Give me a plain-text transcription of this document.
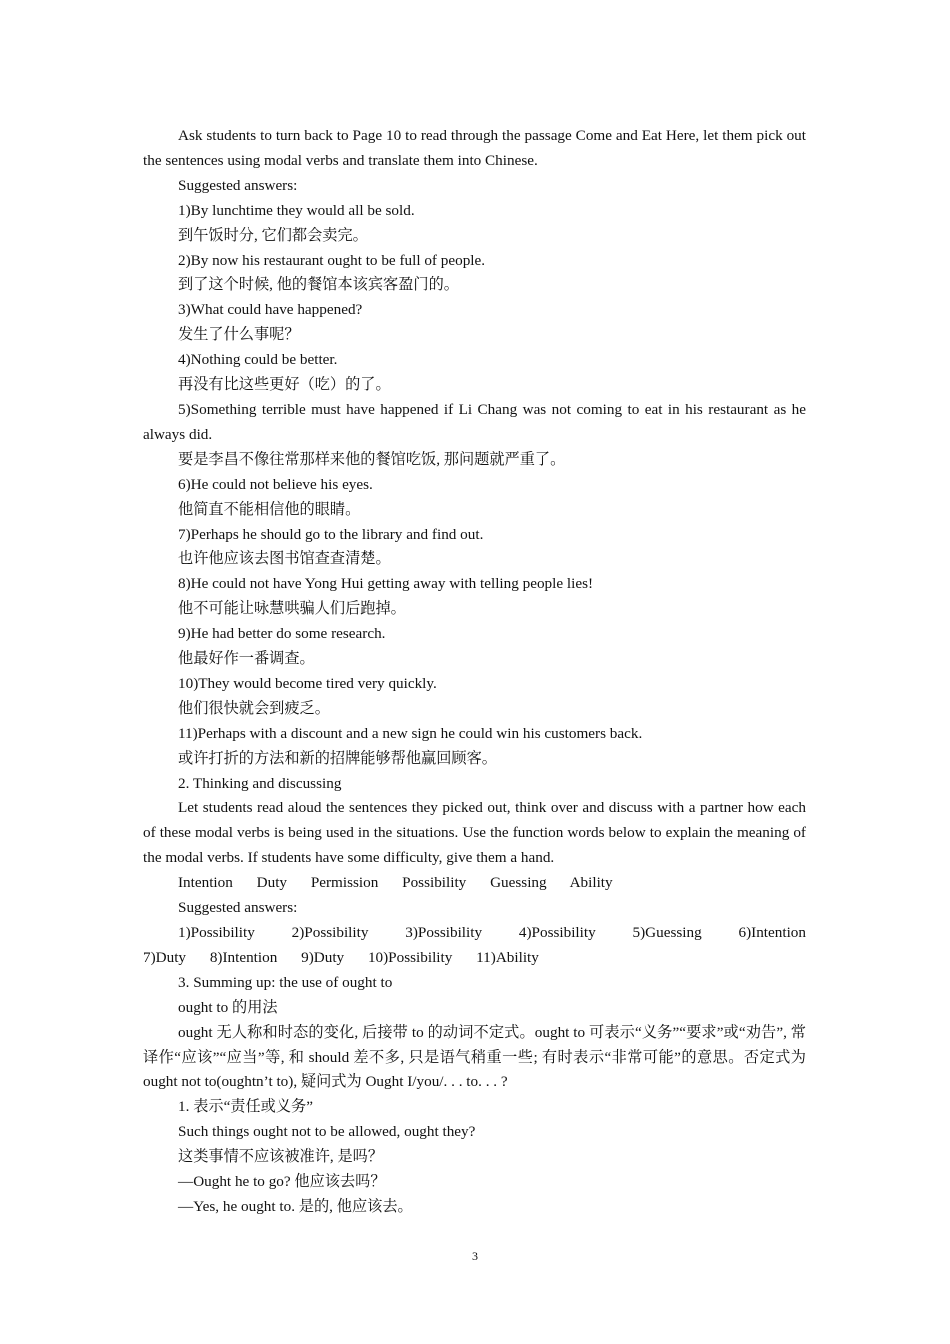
Ask students to turn back to Page 10 to read through the passage Come and Eat Here, let them pick out the sentences using modal verbs and translate them into Chinese.

Suggested answers:

1)By lunchtime they would all be sold.

到午饭时分, 它们都会卖完。

2)By now his restaurant ought to be full of people.

到了这个时候, 他的餐馆本该宾客盈门的。

3)What could have happened?

发生了什么事呢？

4)Nothing could be better.

再没有比这些更好（吃）的了。

5)Something terrible must have happened if Li Chang was not coming to eat in his restaurant as he always did.

要是李昌不像往常那样来他的餐馆吃饭, 那问题就严重了。

6)He could not believe his eyes.

他简直不能相信他的眼睛。

7)Perhaps he should go to the library and find out.

也许他应该去图书馆查查清楚。

8)He could not have Yong Hui getting away with telling people lies!

他不可能让咏慧哄骗人们后跑掉。

9)He had better do some research.

他最好作一番调查。

10)They would become tired very quickly.

他们很快就会到疲乏。

11)Perhaps with a discount and a new sign he could win his customers back.

或许打折的方法和新的招牌能够帮他赢回顾客。

2. Thinking and discussing

Let students read aloud the sentences they picked out, think over and discuss with a partner how each of these modal verbs is being used in the situations. Use the function words below to explain the meaning of the modal verbs. If students have some difficulty, give them a hand.

Intention Duty Permission Possibility Guessing Ability

Suggested answers:

1)Possibility 2)Possibility 3)Possibility 4)Possibility 5)Guessing 6)Intention

7)Duty 8)Intention 9)Duty 10)Possibility 11)Ability

3. Summing up: the use of ought to

ought to 的用法

ought 无人称和时态的变化, 后接带 to 的动词不定式。ought to 可表示“义务”“要求”或“劝告”, 常译作“应该”“应当”等, 和 should 差不多, 只是语气稍重一些; 有时表示“非常可能”的意思。否定式为 ought not to(oughtn’t to), 疑问式为 Ought I/you/. . . to. . . ?

1. 表示“责任或义务”

Such things ought not to be allowed, ought they?

这类事情不应该被准许, 是吗？

—Ought he to go? 他应该去吗？

—Yes, he ought to. 是的, 他应该去。

3
